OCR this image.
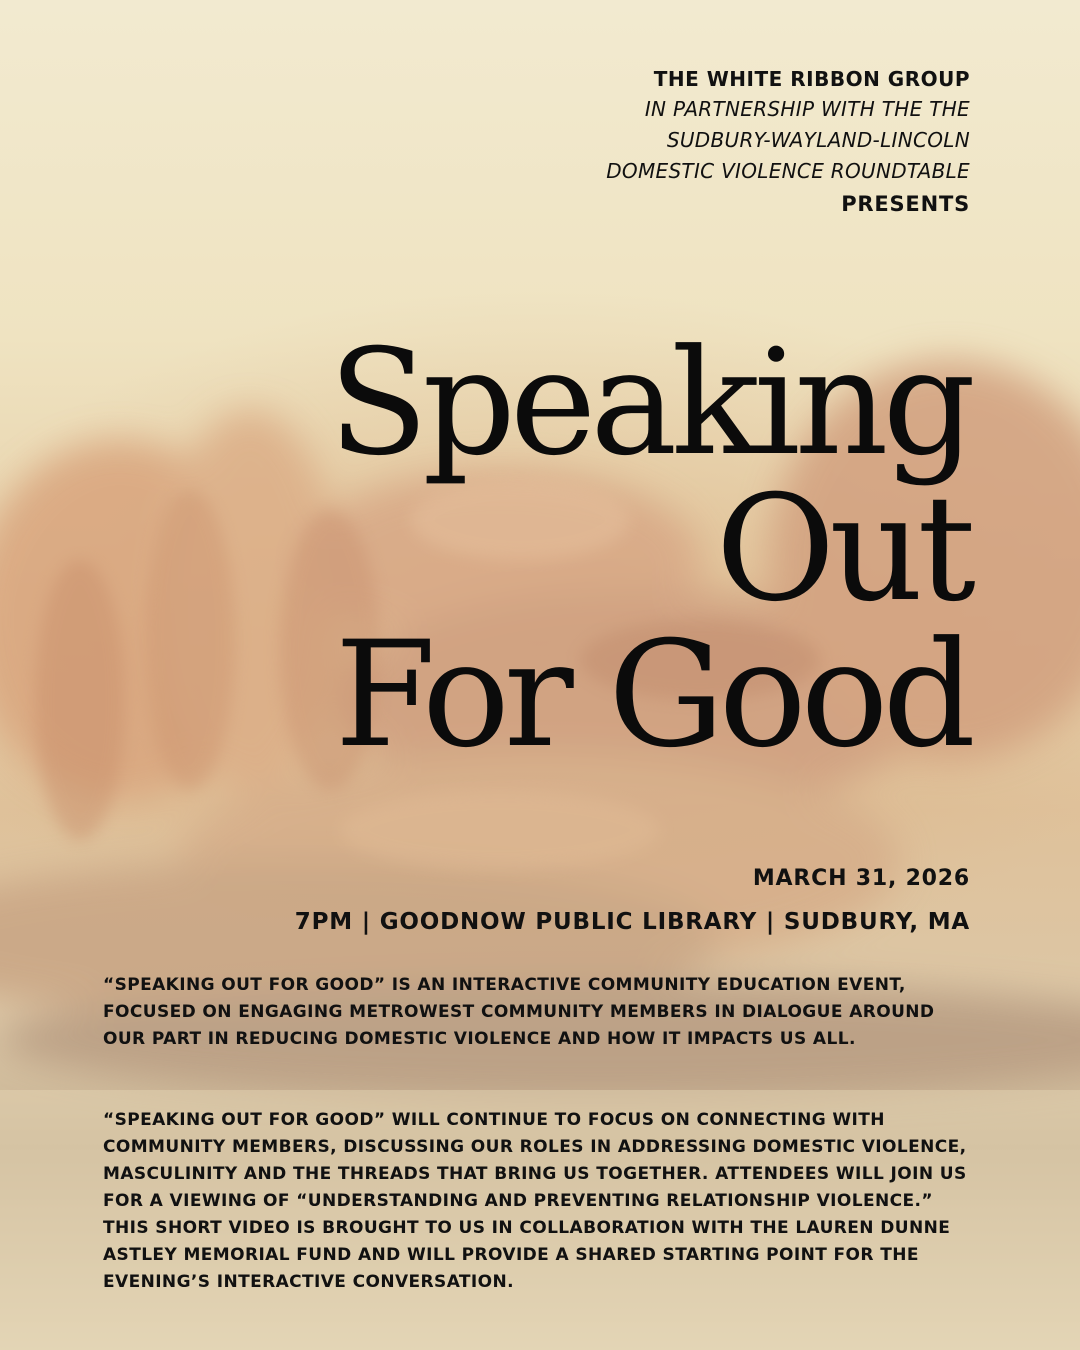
THE WHITE RIBBON GROUP

IN PARTNERSHIP WITH THE THE

SUDBURY-WAYLAND-LINCOLN

DOMESTIC VIOLENCE ROUNDTABLE

PRESENTS

Speaking
Out
For Good

MARCH 31, 2026

7PM | GOODNOW PUBLIC LIBRARY | SUDBURY, MA

“SPEAKING OUT FOR GOOD” IS AN INTERACTIVE COMMUNITY EDUCATION EVENT, FOCUSED ON ENGAGING METROWEST COMMUNITY MEMBERS IN DIALOGUE AROUND OUR PART IN REDUCING DOMESTIC VIOLENCE AND HOW IT IMPACTS US ALL.

“SPEAKING OUT FOR GOOD” WILL CONTINUE TO FOCUS ON CONNECTING WITH COMMUNITY MEMBERS, DISCUSSING OUR ROLES IN ADDRESSING DOMESTIC VIOLENCE, MASCULINITY AND THE THREADS THAT BRING US TOGETHER. ATTENDEES WILL JOIN US FOR A VIEWING OF “UNDERSTANDING AND PREVENTING RELATIONSHIP VIOLENCE.” THIS SHORT VIDEO IS BROUGHT TO US IN COLLABORATION WITH THE LAUREN DUNNE ASTLEY MEMORIAL FUND AND WILL PROVIDE A SHARED STARTING POINT FOR THE EVENING’S INTERACTIVE CONVERSATION.
